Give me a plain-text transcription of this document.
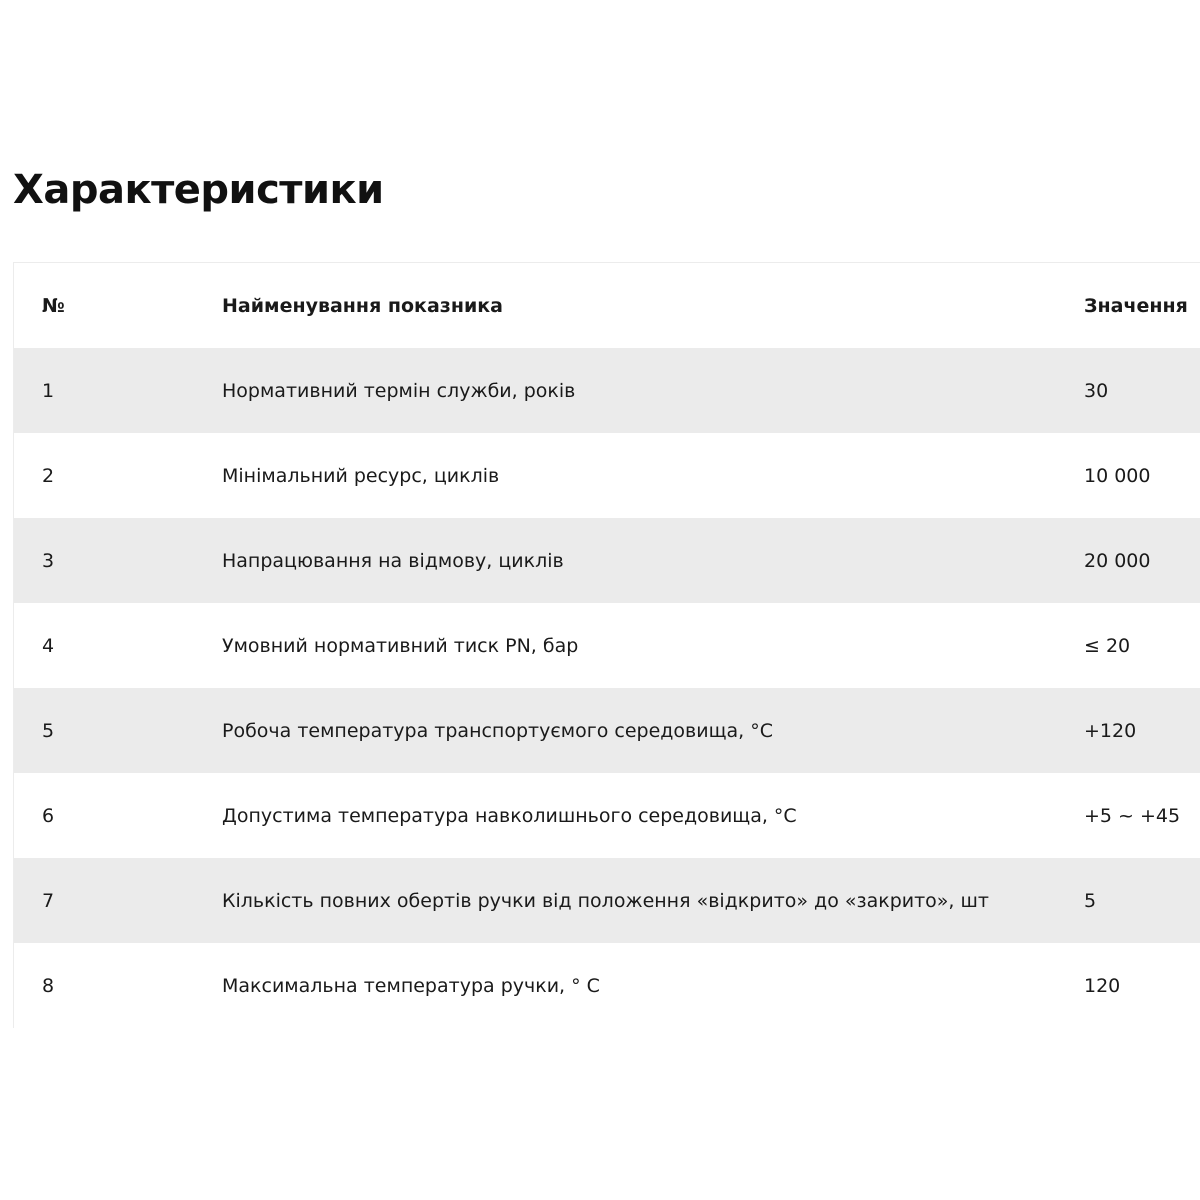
Характеристики
№	Найменування показника	Значення
1	Нормативний термін служби, років	30
2	Мінімальний ресурс, циклів	10 000
3	Напрацювання на відмову, циклів	20 000
4	Умовний нормативний тиск PN, бар	≤ 20
5	Робоча температура транспортуємого середовища, °С	+120
6	Допустима температура навколишнього середовища, °С	+5 ~ +45
7	Кількість повних обертів ручки від положення «відкрито» до «закрито», шт	5
8	Максимальна температура ручки, ° С	120
